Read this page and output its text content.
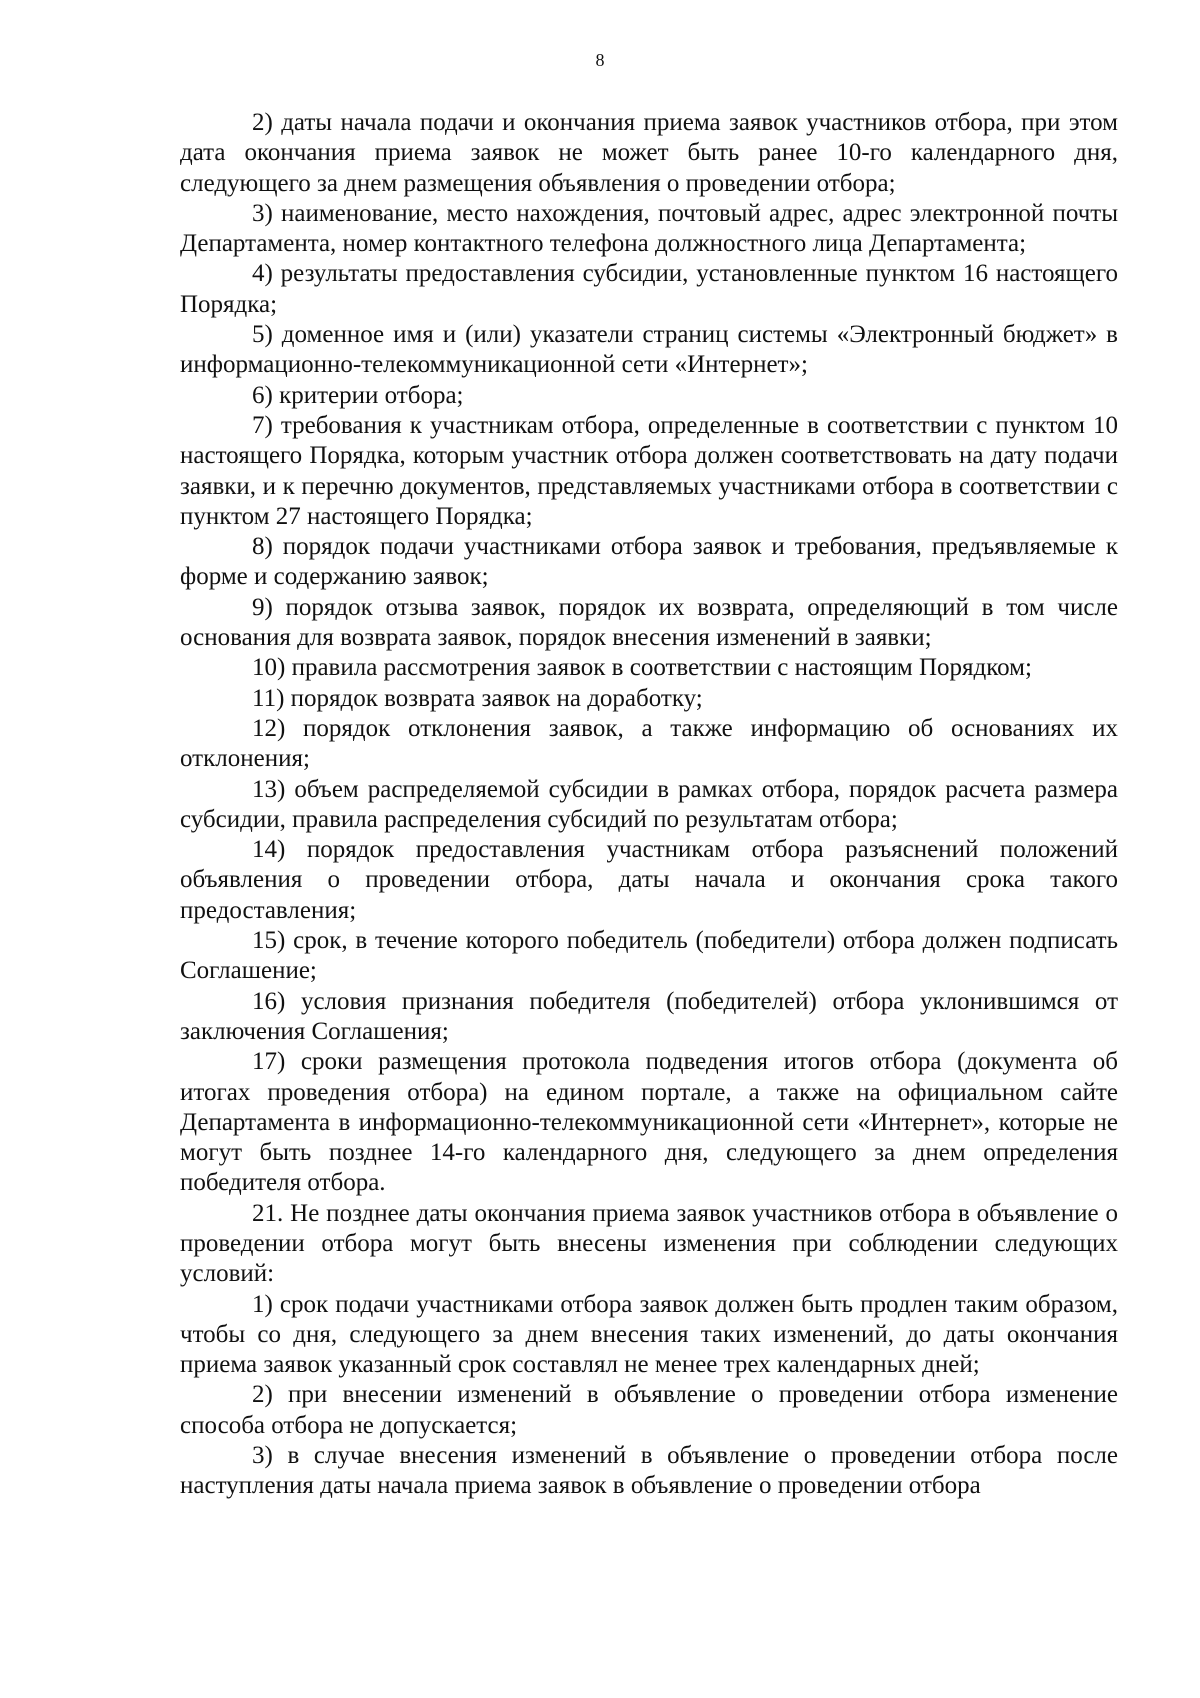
8

2) даты начала подачи и окончания приема заявок участников отбора, при этом дата окончания приема заявок не может быть ранее 10-го календарного дня, следующего за днем размещения объявления о проведении отбора;

3) наименование, место нахождения, почтовый адрес, адрес электронной почты Департамента, номер контактного телефона должностного лица Департамента;

4) результаты предоставления субсидии, установленные пунктом 16 настоящего Порядка;

5) доменное имя и (или) указатели страниц системы «Электронный бюджет» в информационно-телекоммуникационной сети «Интернет»;

6) критерии отбора;

7) требования к участникам отбора, определенные в соответствии с пунктом 10 настоящего Порядка, которым участник отбора должен соответствовать на дату подачи заявки, и к перечню документов, представляемых участниками отбора в соответствии с пунктом 27 настоящего Порядка;

8) порядок подачи участниками отбора заявок и требования, предъявляемые к форме и содержанию заявок;

9) порядок отзыва заявок, порядок их возврата, определяющий в том числе основания для возврата заявок, порядок внесения изменений в заявки;

10) правила рассмотрения заявок в соответствии с настоящим Порядком;

11) порядок возврата заявок на доработку;

12) порядок отклонения заявок, а также информацию об основаниях их отклонения;

13) объем распределяемой субсидии в рамках отбора, порядок расчета размера субсидии, правила распределения субсидий по результатам отбора;

14) порядок предоставления участникам отбора разъяснений положений объявления о проведении отбора, даты начала и окончания срока такого предоставления;

15) срок, в течение которого победитель (победители) отбора должен подписать Соглашение;

16) условия признания победителя (победителей) отбора уклонившимся от заключения Соглашения;

17) сроки размещения протокола подведения итогов отбора (документа об итогах проведения отбора) на едином портале, а также на официальном сайте Департамента в информационно-телекоммуникационной сети «Интернет», которые не могут быть позднее 14-го календарного дня, следующего за днем определения победителя отбора.

21. Не позднее даты окончания приема заявок участников отбора в объявление о проведении отбора могут быть внесены изменения при соблюдении следующих условий:

1) срок подачи участниками отбора заявок должен быть продлен таким образом, чтобы со дня, следующего за днем внесения таких изменений, до даты окончания приема заявок указанный срок составлял не менее трех календарных дней;

2) при внесении изменений в объявление о проведении отбора изменение способа отбора не допускается;

3) в случае внесения изменений в объявление о проведении отбора после наступления даты начала приема заявок в объявление о проведении отбора
